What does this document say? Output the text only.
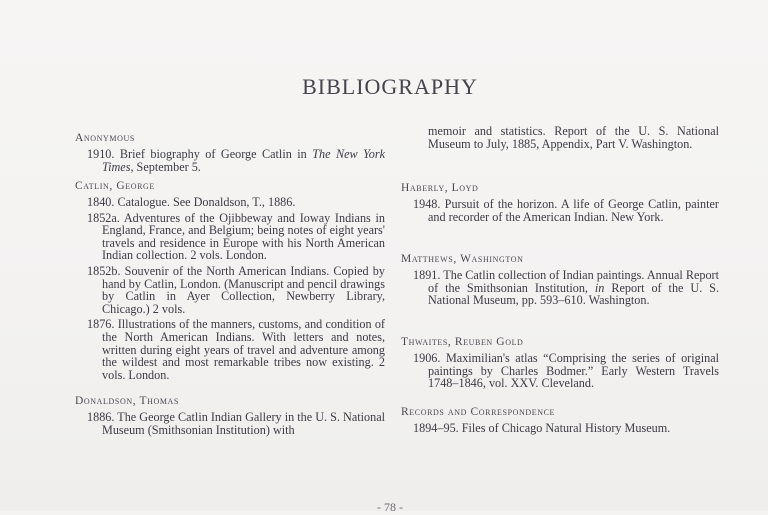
BIBLIOGRAPHY
Anonymous
1910. Brief biography of George Catlin in The New York Times, September 5.
Catlin, George
1840. Catalogue. See Donaldson, T., 1886.
1852a. Adventures of the Ojibbeway and Ioway Indians in England, France, and Belgium; being notes of eight years' travels and residence in Europe with his North American Indian collection. 2 vols. London.
1852b. Souvenir of the North American Indians. Copied by hand by Catlin, London. (Manuscript and pencil drawings by Catlin in Ayer Collection, Newberry Library, Chicago.) 2 vols.
1876. Illustrations of the manners, customs, and condition of the North American Indians. With letters and notes, written during eight years of travel and adventure among the wildest and most remarkable tribes now existing. 2 vols. London.
Donaldson, Thomas
1886. The George Catlin Indian Gallery in the U. S. National Museum (Smithsonian Institution) with
memoir and statistics. Report of the U. S. National Museum to July, 1885, Appendix, Part V. Washington.
Haberly, Loyd
1948. Pursuit of the horizon. A life of George Catlin, painter and recorder of the American Indian. New York.
Matthews, Washington
1891. The Catlin collection of Indian paintings. Annual Report of the Smithsonian Institution, in Report of the U. S. National Museum, pp. 593–610. Washington.
Thwaites, Reuben Gold
1906. Maximilian's atlas “Comprising the series of original paintings by Charles Bodmer.” Early Western Travels 1748–1846, vol. XXV. Cleveland.
Records and Correspondence
1894–95. Files of Chicago Natural History Museum.
- 78 -
